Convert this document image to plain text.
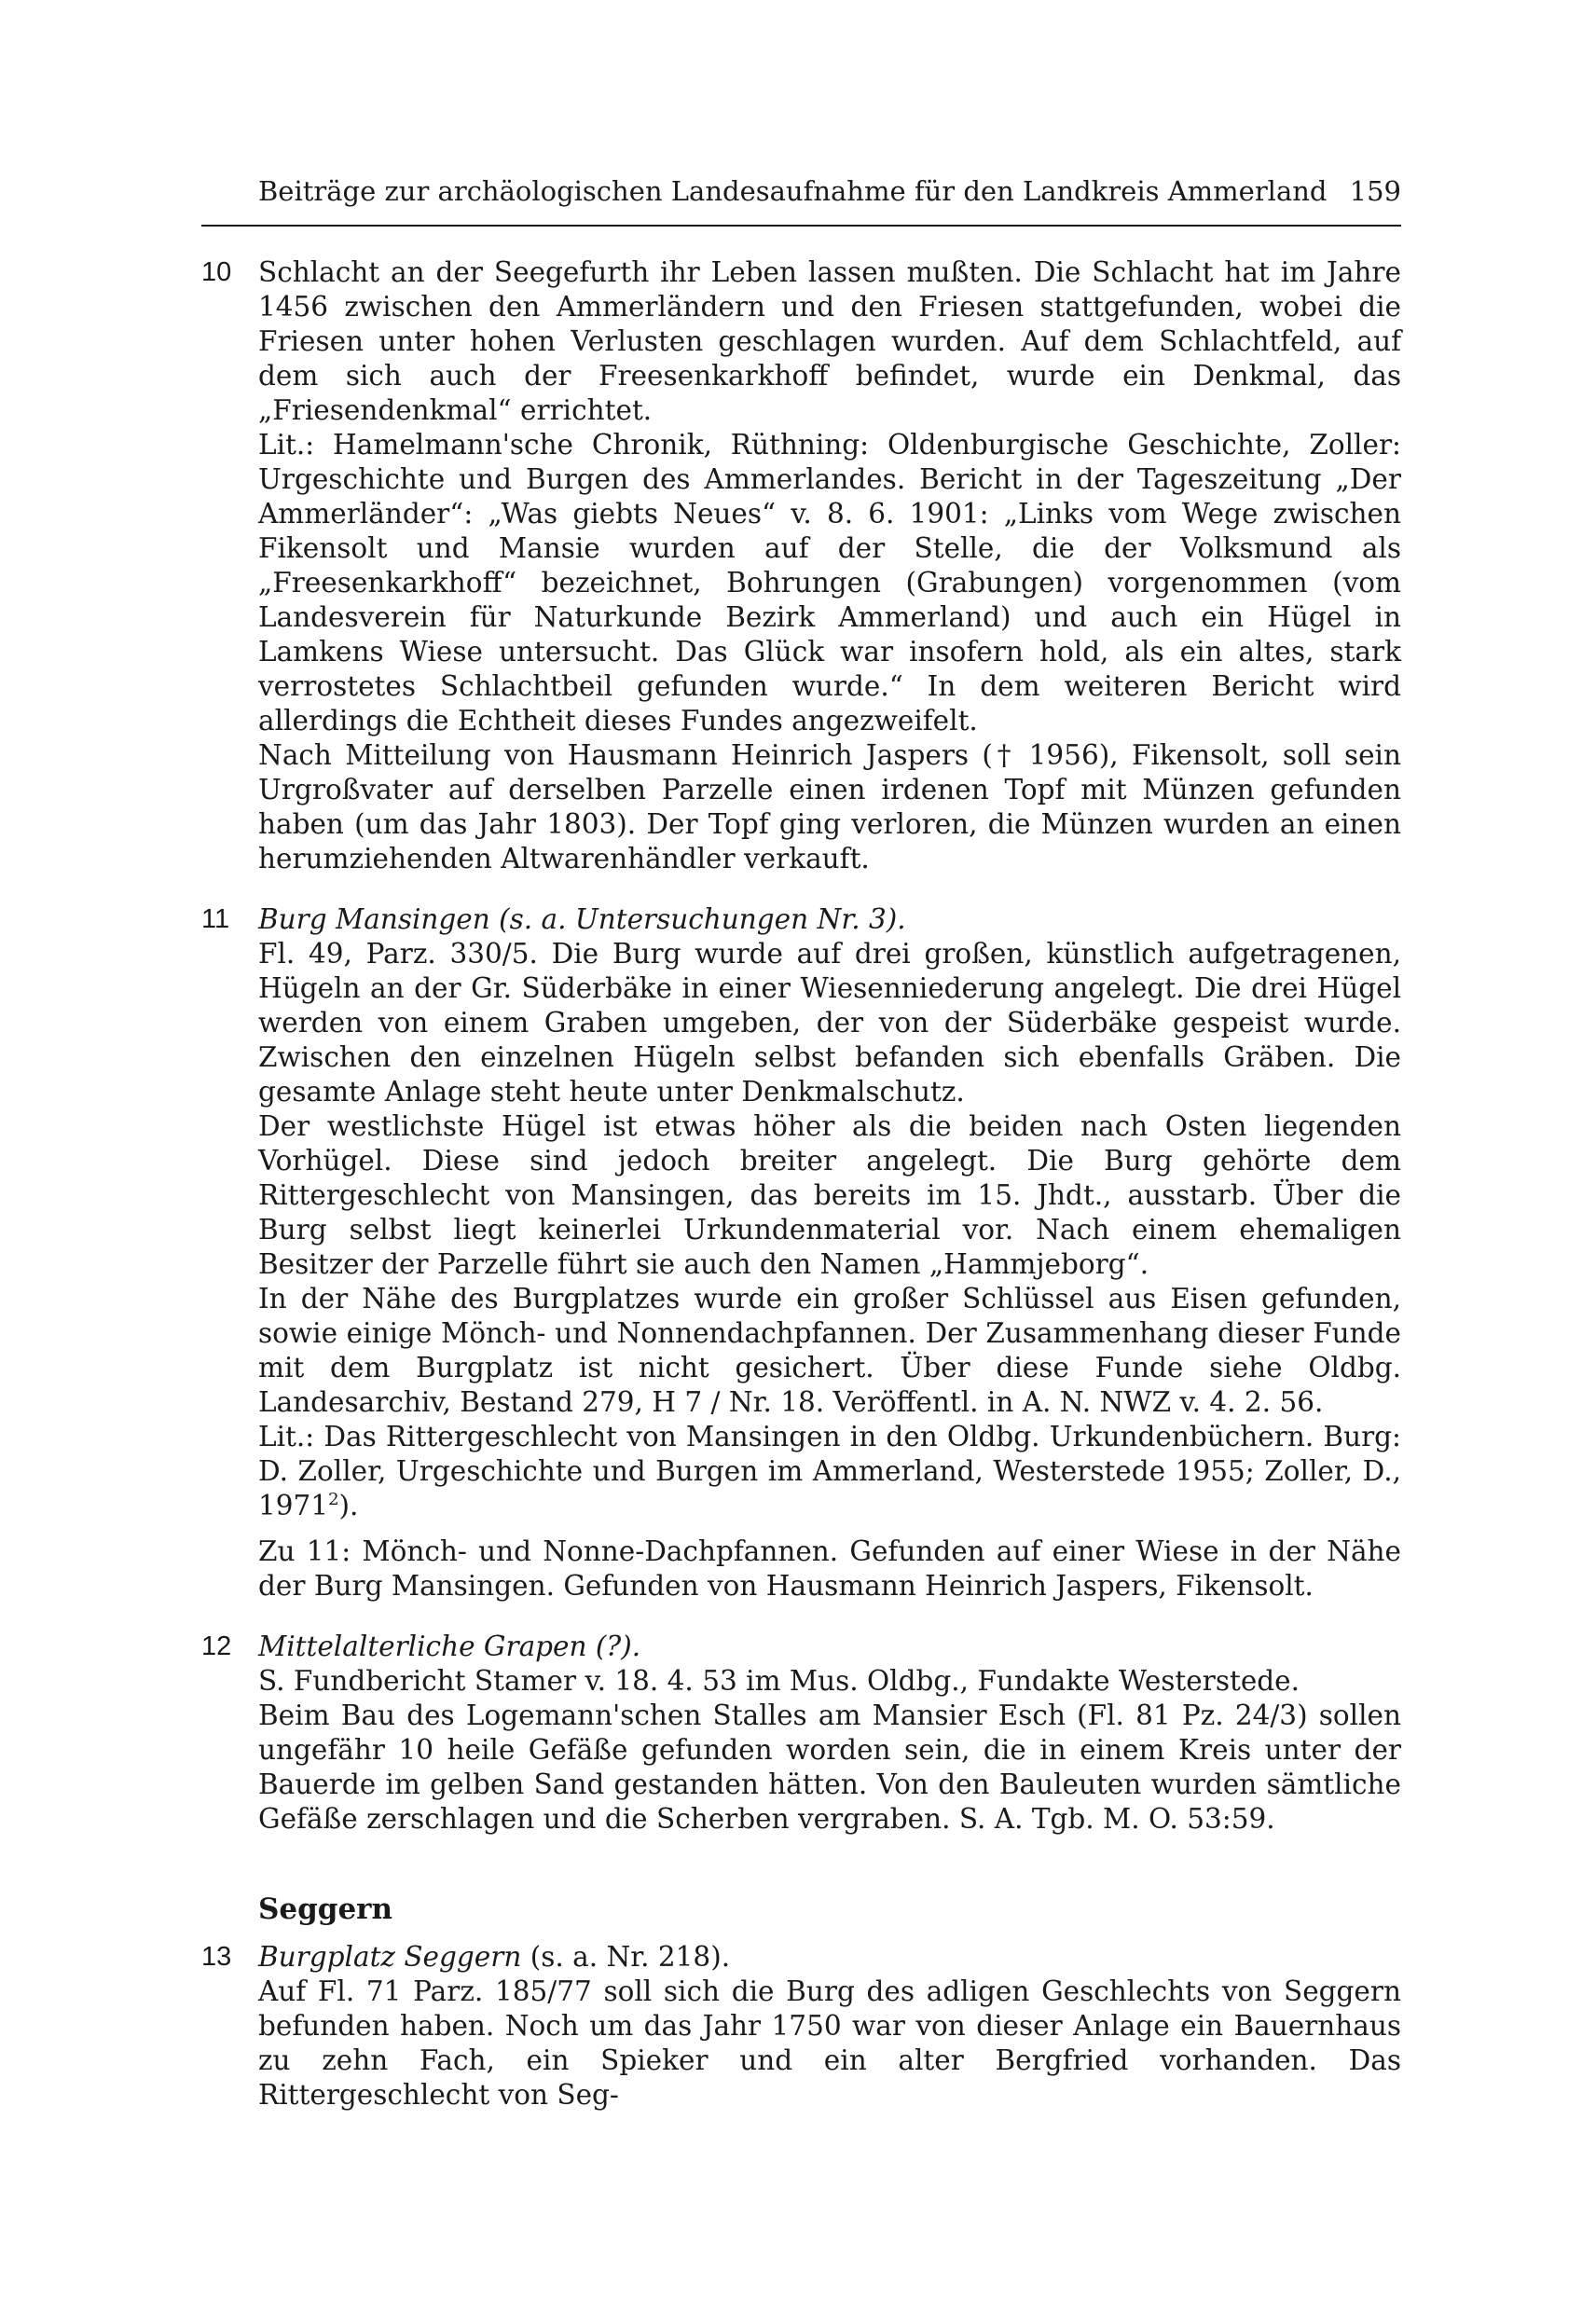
Beiträge zur archäologischen Landesaufnahme für den Landkreis Ammerland 159
10 Schlacht an der Seegefurth ihr Leben lassen mußten. Die Schlacht hat im Jahre 1456 zwischen den Ammerländern und den Friesen stattgefunden, wobei die Friesen unter hohen Verlusten geschlagen wurden. Auf dem Schlachtfeld, auf dem sich auch der Freesenkarkhoff befindet, wurde ein Denkmal, das „Friesendenkmal“ errichtet.

Lit.: Hamelmann'sche Chronik, Rüthning: Oldenburgische Geschichte, Zoller: Urgeschichte und Burgen des Ammerlandes. Bericht in der Tageszeitung „Der Ammerländer“: „Was giebts Neues“ v. 8. 6. 1901: „Links vom Wege zwischen Fikensolt und Mansie wurden auf der Stelle, die der Volksmund als „Freesenkarkhoff“ bezeichnet, Bohrungen (Grabungen) vorgenommen (vom Landesverein für Naturkunde Bezirk Ammerland) und auch ein Hügel in Lamkens Wiese untersucht. Das Glück war insofern hold, als ein altes, stark verrostetes Schlachtbeil gefunden wurde.“ In dem weiteren Bericht wird allerdings die Echtheit dieses Fundes angezweifelt.

Nach Mitteilung von Hausmann Heinrich Jaspers († 1956), Fikensolt, soll sein Urgroßvater auf derselben Parzelle einen irdenen Topf mit Münzen gefunden haben (um das Jahr 1803). Der Topf ging verloren, die Münzen wurden an einen herumziehenden Altwarenhändler verkauft.

11 Burg Mansingen (s. a. Untersuchungen Nr. 3).

Fl. 49, Parz. 330/5. Die Burg wurde auf drei großen, künstlich aufgetragenen, Hügeln an der Gr. Süderbäke in einer Wiesenniederung angelegt. Die drei Hügel werden von einem Graben umgeben, der von der Süderbäke gespeist wurde. Zwischen den einzelnen Hügeln selbst befanden sich ebenfalls Gräben. Die gesamte Anlage steht heute unter Denkmalschutz.

Der westlichste Hügel ist etwas höher als die beiden nach Osten liegenden Vorhügel. Diese sind jedoch breiter angelegt. Die Burg gehörte dem Rittergeschlecht von Mansingen, das bereits im 15. Jhdt., ausstarb. Über die Burg selbst liegt keinerlei Urkundenmaterial vor. Nach einem ehemaligen Besitzer der Parzelle führt sie auch den Namen „Hammjeborg“.

In der Nähe des Burgplatzes wurde ein großer Schlüssel aus Eisen gefunden, sowie einige Mönch- und Nonnendachpfannen. Der Zusammenhang dieser Funde mit dem Burgplatz ist nicht gesichert. Über diese Funde siehe Oldbg. Landesarchiv, Bestand 279, H 7 / Nr. 18. Veröffentl. in A. N. NWZ v. 4. 2. 56.

Lit.: Das Rittergeschlecht von Mansingen in den Oldbg. Urkundenbüchern. Burg: D. Zoller, Urgeschichte und Burgen im Ammerland, Westerstede 1955; Zoller, D., 1971$^2$).

Zu 11: Mönch- und Nonne-Dachpfannen. Gefunden auf einer Wiese in der Nähe der Burg Mansingen. Gefunden von Hausmann Heinrich Jaspers, Fikensolt.

12 Mittelalterliche Grapen (?).

S. Fundbericht Stamer v. 18. 4. 53 im Mus. Oldbg., Fundakte Westerstede.

Beim Bau des Logemann'schen Stalles am Mansier Esch (Fl. 81 Pz. 24/3) sollen ungefähr 10 heile Gefäße gefunden worden sein, die in einem Kreis unter der Bauerde im gelben Sand gestanden hätten. Von den Bauleuten wurden sämtliche Gefäße zerschlagen und die Scherben vergraben. S. A. Tgb. M. O. 53:59.

Seggern
13 Burgplatz Seggern (s. a. Nr. 218).

Auf Fl. 71 Parz. 185/77 soll sich die Burg des adligen Geschlechts von Seggern befunden haben. Noch um das Jahr 1750 war von dieser Anlage ein Bauernhaus zu zehn Fach, ein Spieker und ein alter Bergfried vorhanden. Das Rittergeschlecht von Seg-
